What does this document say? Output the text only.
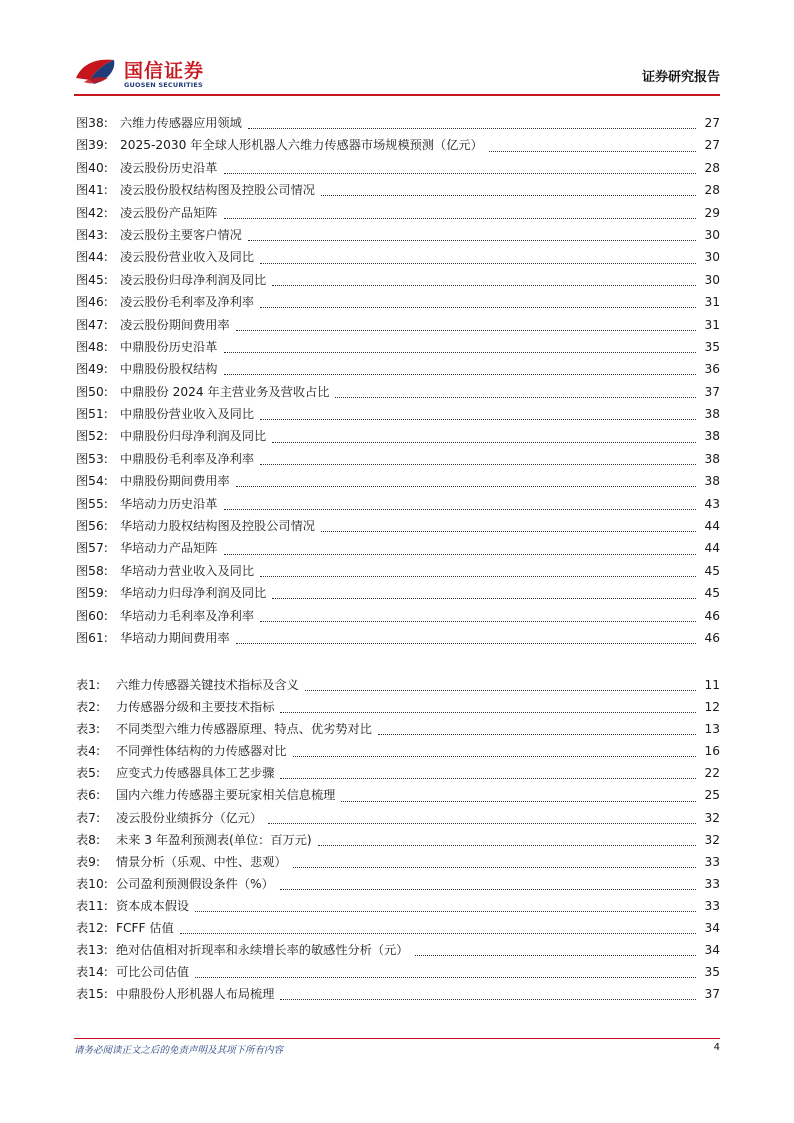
国信证券
GUOSEN SECURITIES	证券研究报告
图38: 六维力传感器应用领域	27
图39: 2025-2030 年全球人形机器人六维力传感器市场规模预测（亿元）	27
图40: 凌云股份历史沿革	28
图41: 凌云股份股权结构图及控股公司情况	28
图42: 凌云股份产品矩阵	29
图43: 凌云股份主要客户情况	30
图44: 凌云股份营业收入及同比	30
图45: 凌云股份归母净利润及同比	30
图46: 凌云股份毛利率及净利率	31
图47: 凌云股份期间费用率	31
图48: 中鼎股份历史沿革	35
图49: 中鼎股份股权结构	36
图50: 中鼎股份 2024 年主营业务及营收占比	37
图51: 中鼎股份营业收入及同比	38
图52: 中鼎股份归母净利润及同比	38
图53: 中鼎股份毛利率及净利率	38
图54: 中鼎股份期间费用率	38
图55: 华培动力历史沿革	43
图56: 华培动力股权结构图及控股公司情况	44
图57: 华培动力产品矩阵	44
图58: 华培动力营业收入及同比	45
图59: 华培动力归母净利润及同比	45
图60: 华培动力毛利率及净利率	46
图61: 华培动力期间费用率	46
表1:	六维力传感器关键技术指标及含义	11
表2:	力传感器分级和主要技术指标	12
表3:	不同类型六维力传感器原理、特点、优劣势对比	13
表4:	不同弹性体结构的力传感器对比	16
表5:	应变式力传感器具体工艺步骤	22
表6:	国内六维力传感器主要玩家相关信息梳理	25
表7:	凌云股份业绩拆分（亿元）	32
表8:	未来 3 年盈利预测表(单位：百万元)	32
表9:	情景分析（乐观、中性、悲观）	33
表10: 公司盈利预测假设条件（%）	33
表11: 资本成本假设	33
表12: FCFF 估值	34
表13: 绝对估值相对折现率和永续增长率的敏感性分析（元）	34
表14: 可比公司估值	35
表15: 中鼎股份人形机器人布局梳理	37
请务必阅读正文之后的免责声明及其项下所有内容	4
